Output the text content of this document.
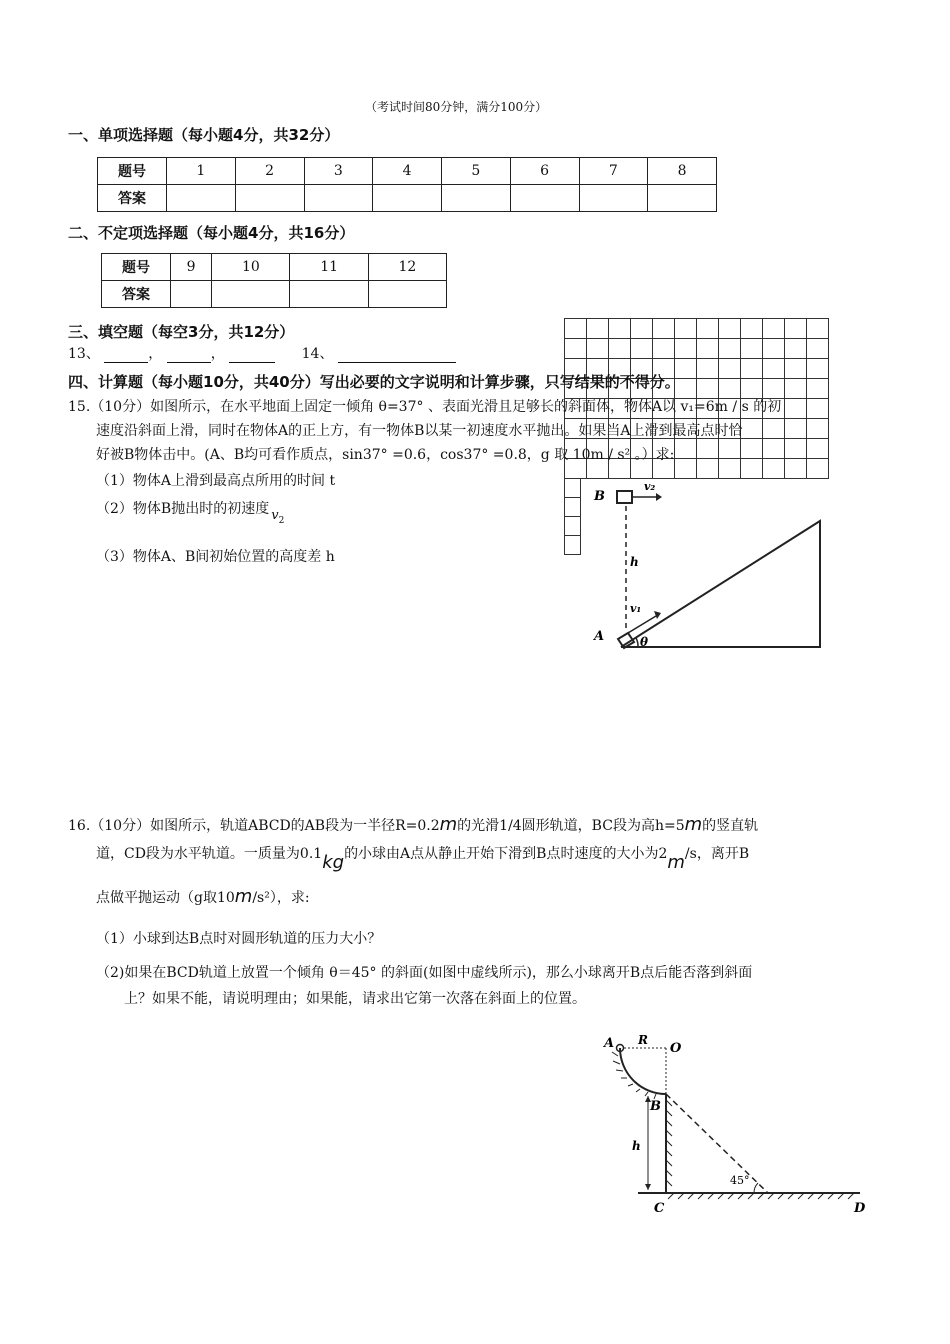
（考试时间80分钟，满分100分）
一、单项选择题（每小题4分，共32分）
题号	1	2	3	4	5	6	7	8
答案								
二、不定项选择题（每小题4分，共16分）
题号	9	10	11	12
答案				
三、填空题（每空3分，共12分）
13、	，	，	14、
四、计算题（每小题10分，共40分）写出必要的文字说明和计算步骤，只写结果的不得分。
15.（10分）如图所示，在水平地面上固定一倾角 θ=37° 、表面光滑且足够长的斜面体，物体A以 v₁=6m / s 的初
速度沿斜面上滑，同时在物体A的正上方，有一物体B以某一初速度水平抛出。如果当A上滑到最高点时恰
好被B物体击中。(A、B均可看作质点，sin37° =0.6，cos37° =0.8，g 取 10m / s² 。）求:
（1）物体A上滑到最高点所用的时间 t
（2）物体B抛出时的初速度 $v_2$
（3）物体A、B间初始位置的高度差 h
B
v₂
h
v₁
A	θ
16.（10分）如图所示，轨道ABCD的AB段为一半径R=0.2m的光滑1/4圆形轨道，BC段为高h=5m的竖直轨
道，CD段为水平轨道。一质量为0.1kg的小球由A点从静止开始下滑到B点时速度的大小为2m/s，离开B
点做平抛运动（g取10m/s²），求:
（1）小球到达B点时对圆形轨道的压力大小？
（2)如果在BCD轨道上放置一个倾角 θ＝45° 的斜面(如图中虚线所示)，那么小球离开B点后能否落到斜面
上？如果不能，请说明理由；如果能，请求出它第一次落在斜面上的位置。
A R
O
B
h
45°
C	D
